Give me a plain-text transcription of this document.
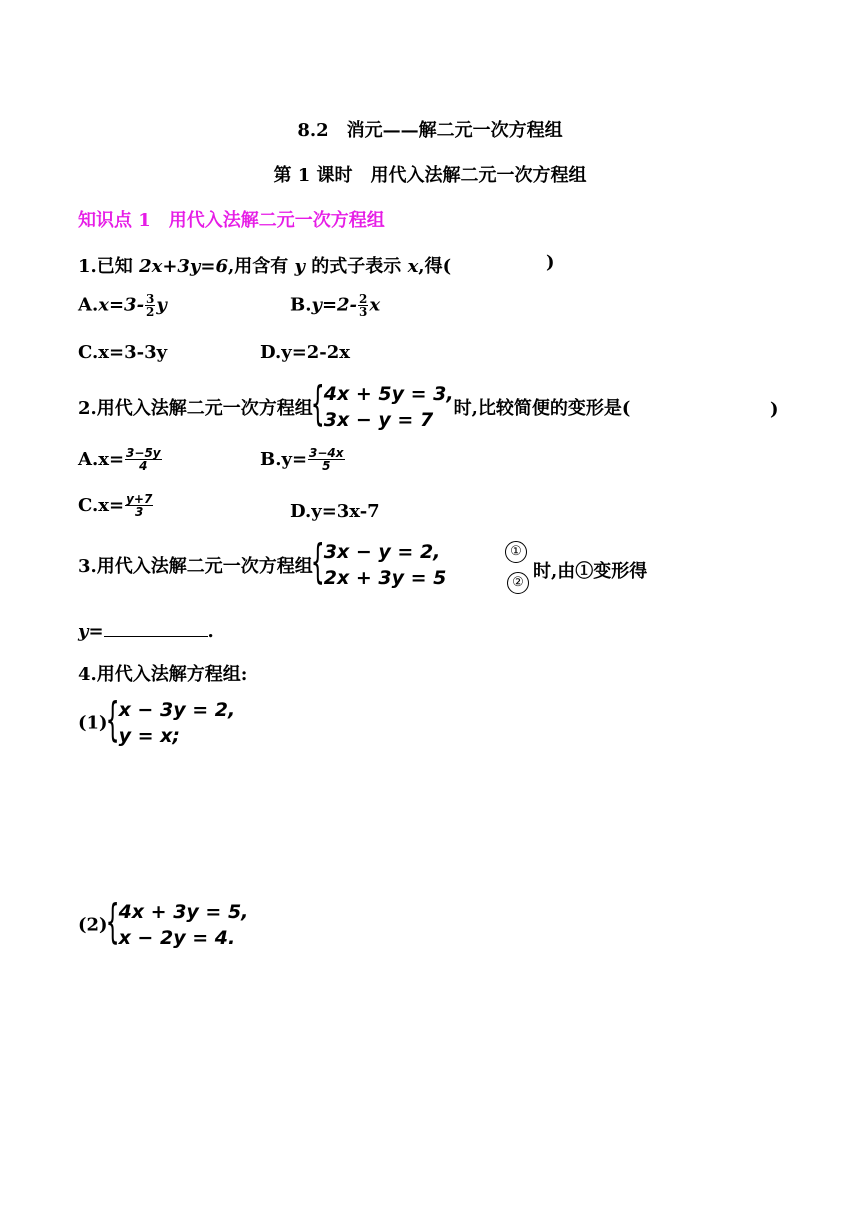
8.2　消元——解二元一次方程组
第 1 课时　用代入法解二元一次方程组
知识点 1　用代入法解二元一次方程组
1.已知 2x+3y=6,用含有 y 的式子表示 x,得(	)
$A.x=3- \frac{3}{2}$ y	$B.y=2- \frac{2}{3}$ x
C.x=3-3y	D.y=2-2x
2.用代入法解二元一次方程组
{ 4x + 5y = 3,
3x − y = 7
时,比较简便的变形是(	)
$A.x= \frac{3-5y}{4}$	$B.y= \frac{3-4x}{5}$
$C.x= \frac{y+7}{3}$	D.y=3x-7
3.用代入法解二元一次方程组
{ 3x − y = 2,
2x + 3y = 5
①
②
时,由①变形得
y=	.
4.用代入法解方程组:
(1)
{ x − 3y = 2,
y = x;
(2)
{ 4x + 3y = 5,
x − 2y = 4.
